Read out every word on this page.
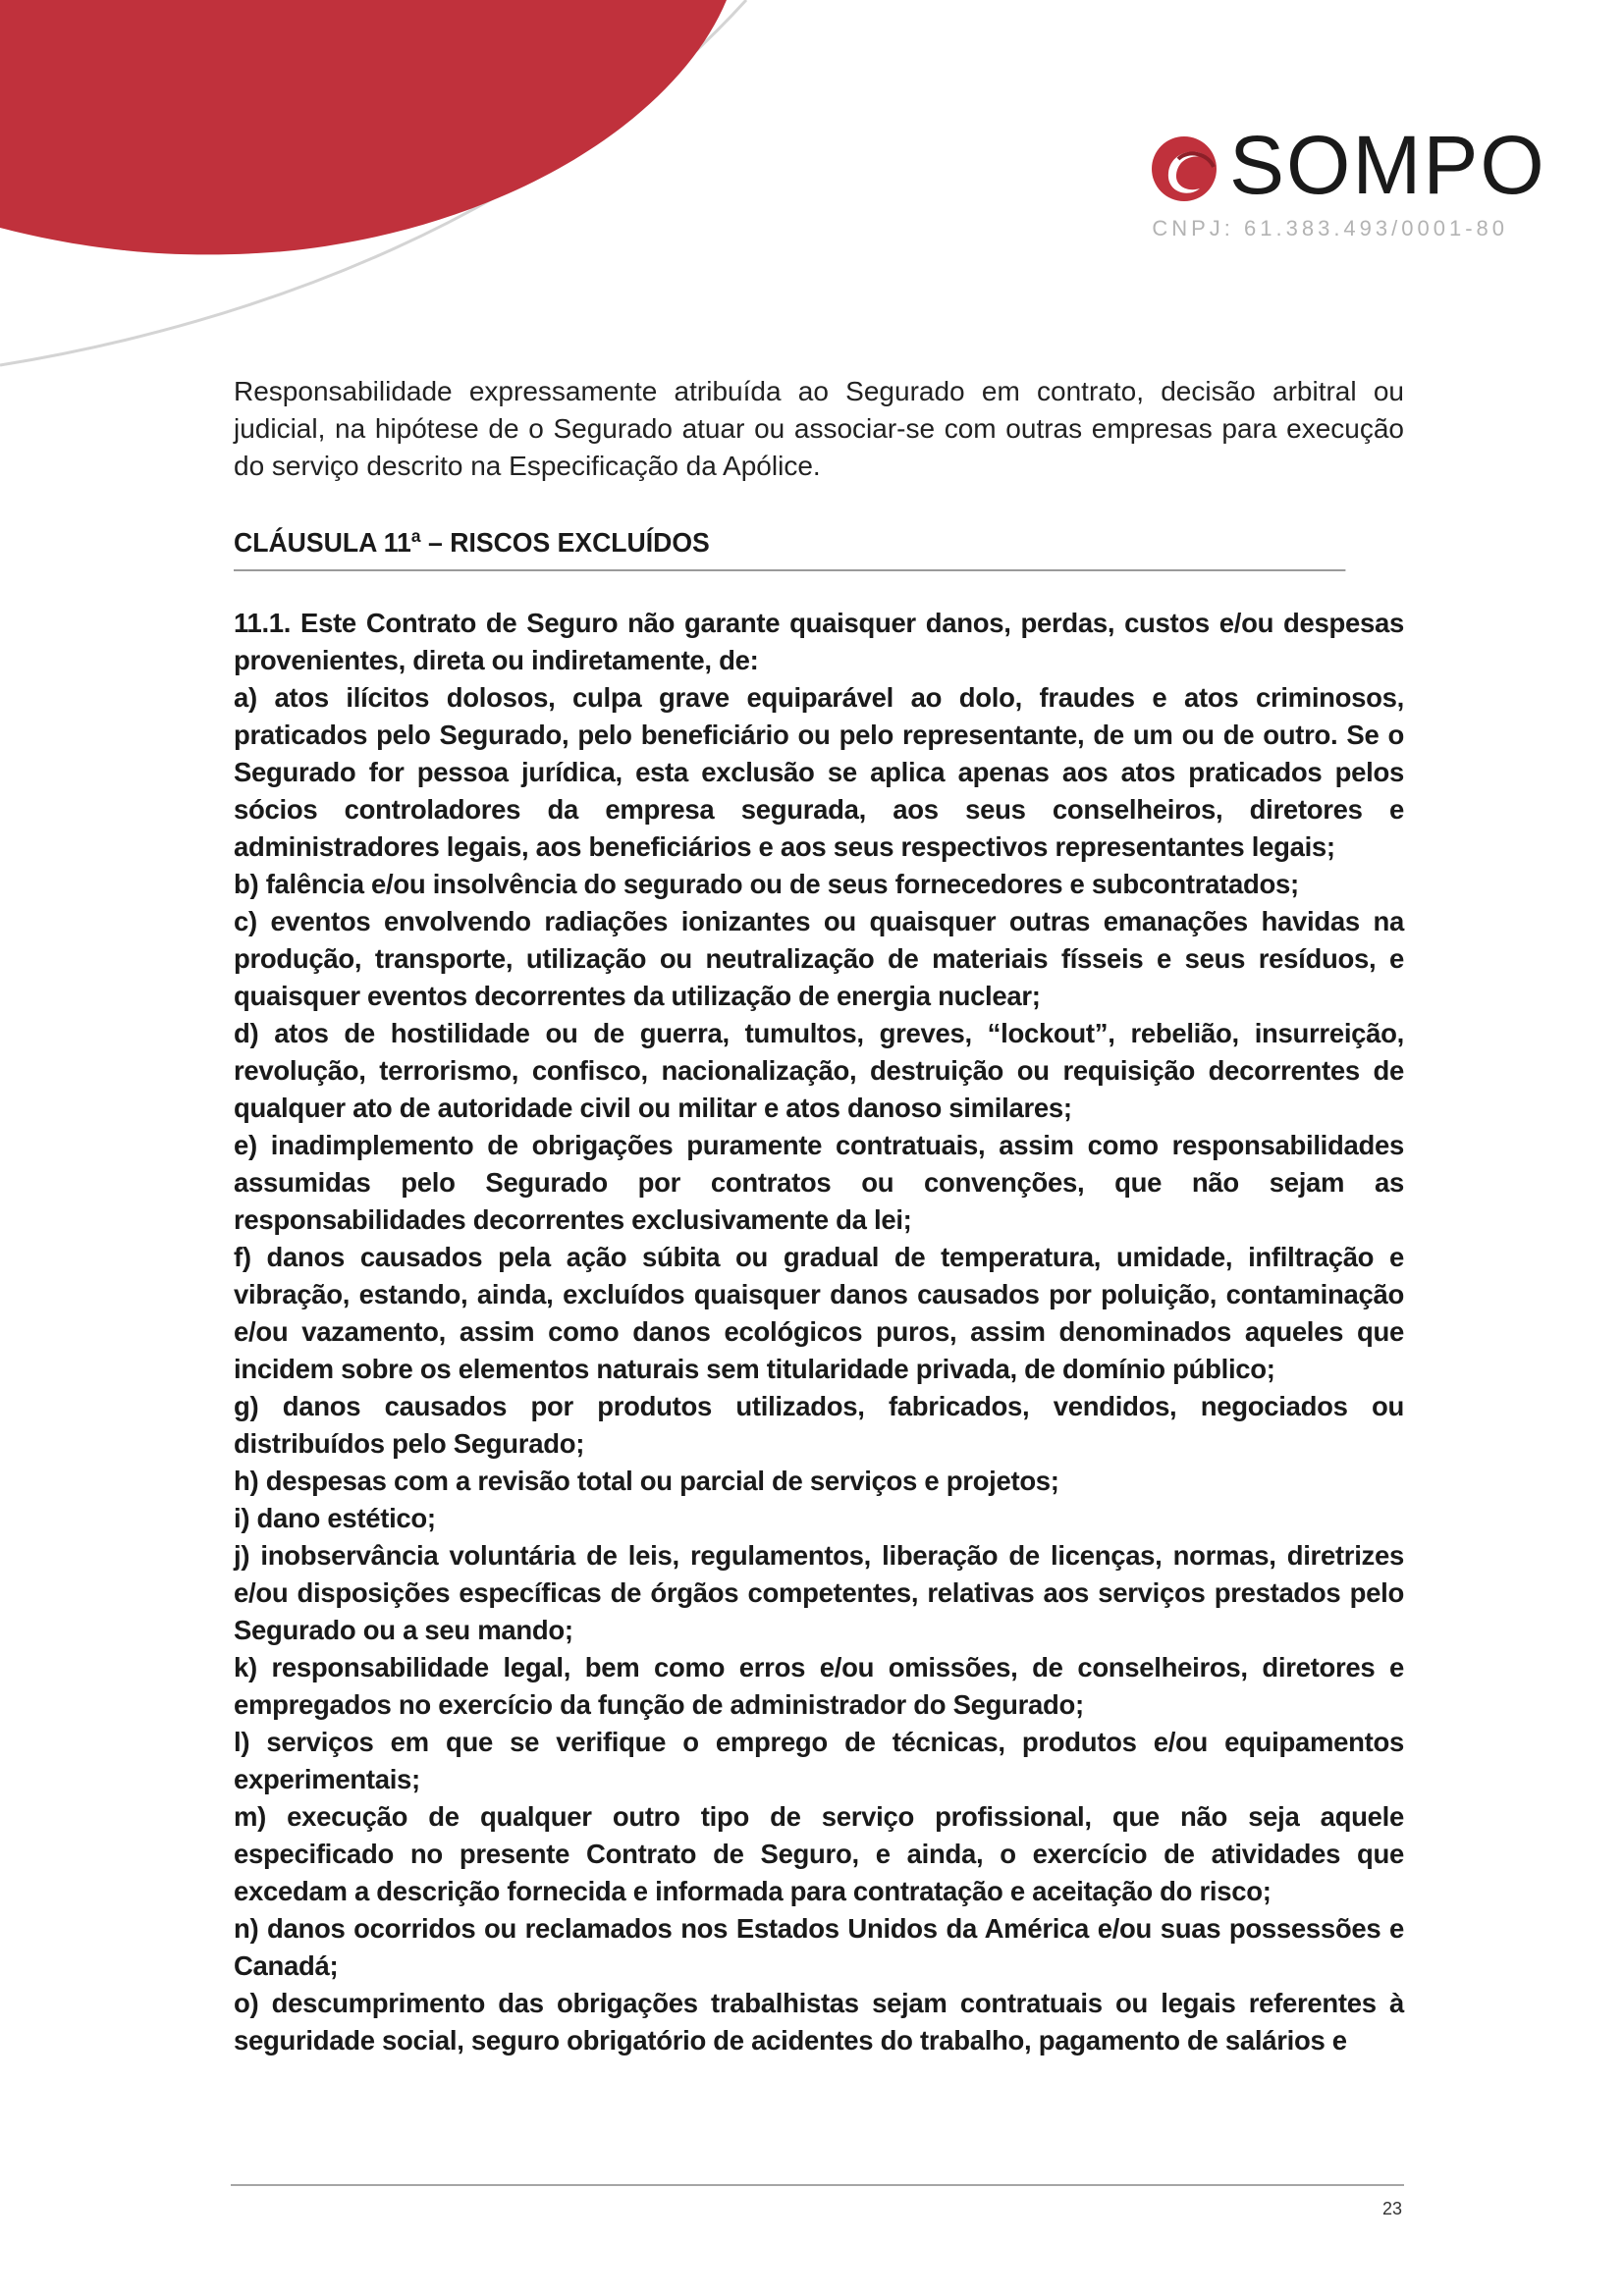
SOMPO
CNPJ: 61.383.493/0001-80

Responsabilidade expressamente atribuída ao Segurado em contrato, decisão arbitral ou judicial, na hipótese de o Segurado atuar ou associar-se com outras empresas para execução do serviço descrito na Especificação da Apólice.

CLÁUSULA 11ª – RISCOS EXCLUÍDOS

11.1. Este Contrato de Seguro não garante quaisquer danos, perdas, custos e/ou despesas provenientes, direta ou indiretamente, de:

a) atos ilícitos dolosos, culpa grave equiparável ao dolo, fraudes e atos criminosos, praticados pelo Segurado, pelo beneficiário ou pelo representante, de um ou de outro. Se o Segurado for pessoa jurídica, esta exclusão se aplica apenas aos atos praticados pelos sócios controladores da empresa segurada, aos seus conselheiros, diretores e administradores legais, aos beneficiários e aos seus respectivos representantes legais;

b) falência e/ou insolvência do segurado ou de seus fornecedores e subcontratados;

c) eventos envolvendo radiações ionizantes ou quaisquer outras emanações havidas na produção, transporte, utilização ou neutralização de materiais físseis e seus resíduos, e quaisquer eventos decorrentes da utilização de energia nuclear;

d) atos de hostilidade ou de guerra, tumultos, greves, “lockout”, rebelião, insurreição, revolução, terrorismo, confisco, nacionalização, destruição ou requisição decorrentes de qualquer ato de autoridade civil ou militar e atos danoso similares;

e) inadimplemento de obrigações puramente contratuais, assim como responsabilidades assumidas pelo Segurado por contratos ou convenções, que não sejam as responsabilidades decorrentes exclusivamente da lei;

f) danos causados pela ação súbita ou gradual de temperatura, umidade, infiltração e vibração, estando, ainda, excluídos quaisquer danos causados por poluição, contaminação e/ou vazamento, assim como danos ecológicos puros, assim denominados aqueles que incidem sobre os elementos naturais sem titularidade privada, de domínio público;

g) danos causados por produtos utilizados, fabricados, vendidos, negociados ou distribuídos pelo Segurado;

h) despesas com a revisão total ou parcial de serviços e projetos;

i) dano estético;

j) inobservância voluntária de leis, regulamentos, liberação de licenças, normas, diretrizes e/ou disposições específicas de órgãos competentes, relativas aos serviços prestados pelo Segurado ou a seu mando;

k) responsabilidade legal, bem como erros e/ou omissões, de conselheiros, diretores e empregados no exercício da função de administrador do Segurado;

l) serviços em que se verifique o emprego de técnicas, produtos e/ou equipamentos experimentais;

m) execução de qualquer outro tipo de serviço profissional, que não seja aquele especificado no presente Contrato de Seguro, e ainda, o exercício de atividades que excedam a descrição fornecida e informada para contratação e aceitação do risco;

n) danos ocorridos ou reclamados nos Estados Unidos da América e/ou suas possessões e Canadá;

o) descumprimento das obrigações trabalhistas sejam contratuais ou legais referentes à seguridade social, seguro obrigatório de acidentes do trabalho, pagamento de salários e

23
